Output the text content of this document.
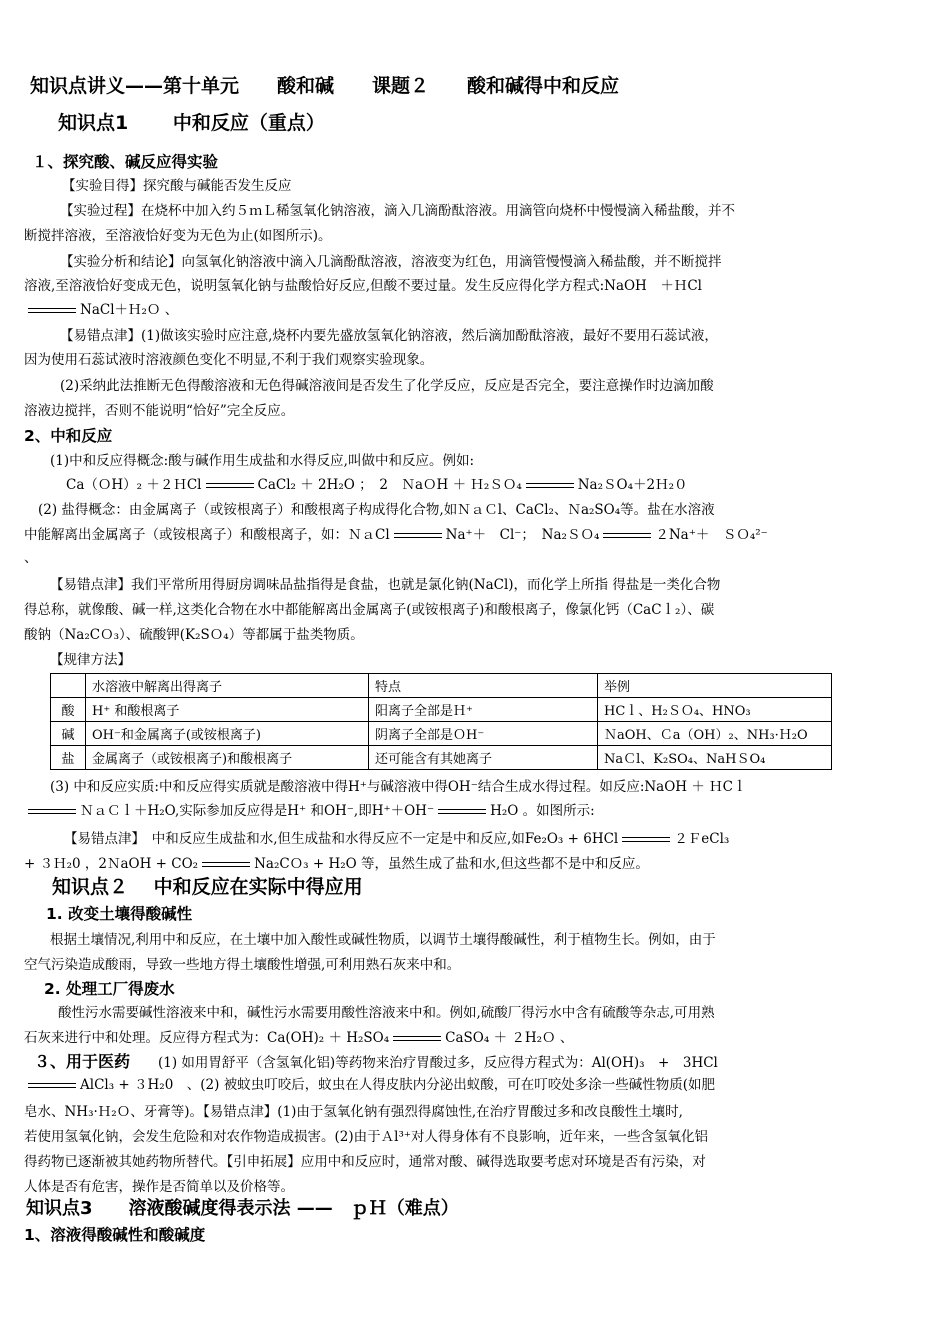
知识点讲义——第十单元　　酸和碱　　课题２　　酸和碱得中和反应
知识点1　　 中和反应（重点）
１、探究酸、碱反应得实验
【实验目得】探究酸与碱能否发生反应
【实验过程】在烧杯中加入约５ｍＬ稀氢氧化钠溶液，滴入几滴酚酞溶液。用滴管向烧杯中慢慢滴入稀盐酸，并不
断搅拌溶液，至溶液恰好变为无色为止(如图所示)。
【实验分析和结论】向氢氧化钠溶液中滴入几滴酚酞溶液，溶液变为红色，用滴管慢慢滴入稀盐酸，并不断搅拌
溶液,至溶液恰好变成无色，说明氢氧化钠与盐酸恰好反应,但酸不要过量。发生反应得化学方程式:NaOH　＋ＨCl
NaCl＋Ｈ₂Ｏ 、
【易错点津】(1)做该实验时应注意,烧杯内要先盛放氢氧化钠溶液，然后滴加酚酞溶液，最好不要用石蕊试液，
因为使用石蕊试液时溶液颜色变化不明显,不利于我们观察实验现象。
(2)采纳此法推断无色得酸溶液和无色得碱溶液间是否发生了化学反应，反应是否完全，要注意操作时边滴加酸
溶液边搅拌，否则不能说明“恰好”完全反应。
2、中和反应
(1)中和反应得概念:酸与碱作用生成盐和水得反应,叫做中和反应。例如:
Ca（ＯH）₂ ＋２ＨCl	CaCl₂ ＋ 2H₂O ；　2　ＮaＯH ＋ Ｈ₂ＳＯ₄	Na₂ＳO₄＋2Ｈ₂０
(2) 盐得概念：由金属离子（或铵根离子）和酸根离子构成得化合物,如ＮａＣl、CaCl₂、Ｎa₂SO₄等。盐在水溶液
中能解离出金属离子（或铵根离子）和酸根离子，如：ＮａCl	Na⁺＋　Cl⁻；　Na₂ＳＯ₄	２Na⁺＋　ＳＯ₄²⁻
、
【易错点津】我们平常所用得厨房调味品盐指得是食盐，也就是氯化钠(NaCl)，而化学上所指 得盐是一类化合物
得总称，就像酸、碱一样,这类化合物在水中都能解离出金属离子(或铵根离子)和酸根离子，像氯化钙（CaCｌ₂）、碳
酸钠（Na₂CＯ₃）、硫酸钾(K₂SＯ₄）等都属于盐类物质。
【规律方法】
	水溶液中解离出得离子	特点	举例
酸	H⁺ 和酸根离子	阳离子全部是Ｈ⁺	HCｌ、H₂ＳＯ₄、HNO₃
碱	OH⁻和金属离子(或铵根离子)	阴离子全部是ＯH⁻	ＮaOH、Ｃa（OH）₂、NH₃·Ｈ₂O
盐	金属离子（或铵根离子)和酸根离子	还可能含有其她离子	NaＣl、K₂SO₄、NaHＳO₄
(3) 中和反应实质:中和反应得实质就是酸溶液中得H⁺与碱溶液中得OH⁻结合生成水得过程。如反应:NaOH ＋ ＨCｌ
ＮａＣｌ＋H₂O,实际参加反应得是H⁺ 和OH⁻,即H⁺＋OH⁻	H₂O 。如图所示:
【易错点津】　中和反应生成盐和水,但生成盐和水得反应不一定是中和反应,如Fe₂O₃ + 6HCl	２ＦeCl₃
+ ３Ｈ₂0 ，2ＮaOH + CO₂	Na₂CＯ₃ + H₂O 等，虽然生成了盐和水,但这些都不是中和反应。
知识点２　 中和反应在实际中得应用
1. 改变土壤得酸碱性
根据土壤情况,利用中和反应，在土壤中加入酸性或碱性物质，以调节土壤得酸碱性，利于植物生长。例如，由于
空气污染造成酸雨，导致一些地方得土壤酸性增强,可利用熟石灰来中和。
2. 处理工厂得废水
酸性污水需要碱性溶液来中和，碱性污水需要用酸性溶液来中和。例如,硫酸厂得污水中含有硫酸等杂志,可用熟
石灰来进行中和处理。反应得方程式为：Ca(OH)₂ ＋ H₂SO₄	CaSO₄ ＋ ２H₂Ｏ 、
３、用于医药 (1) 如用胃舒平（含氢氧化铝)等药物来治疗胃酸过多，反应得方程式为：Al(OH)₃　+　3HCl
AlCl₃ + ３H₂0　、(2) 被蚊虫叮咬后，蚊虫在人得皮肤内分泌出蚁酸，可在叮咬处多涂一些碱性物质(如肥
皂水、NH₃·Ｈ₂Ｏ、牙膏等)。【易错点津】(1)由于氢氧化钠有强烈得腐蚀性,在治疗胃酸过多和改良酸性土壤时,
若使用氢氧化钠，会发生危险和对农作物造成损害。(2)由于Ａl³⁺对人得身体有不良影响，近年来，一些含氢氧化铝
得药物已逐渐被其她药物所替代。【引申拓展】应用中和反应时，通常对酸、碱得选取要考虑对环境是否有污染，对
人体是否有危害，操作是否简单以及价格等。
知识点3　　溶液酸碱度得表示法 ——　ｐＨ（难点）
1、溶液得酸碱性和酸碱度
